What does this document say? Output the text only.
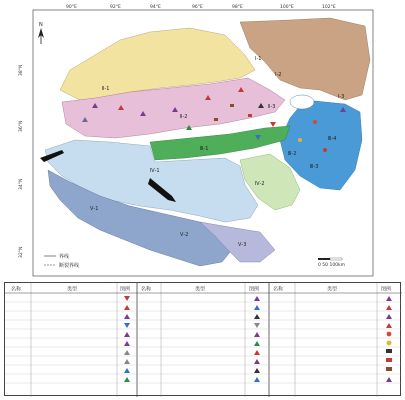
90°E	92°E	94°E	96°E	98°E	100°E	102°E
38°N
36°N
34°N
32°N
N
Ⅰ-1
Ⅰ-2
Ⅰ-3
Ⅱ-1
Ⅱ-2
Ⅱ-3
Ⅲ-1
Ⅲ-2
Ⅲ-3
Ⅲ-4
Ⅳ-1
Ⅳ-2
Ⅴ-1
Ⅴ-2
Ⅴ-3
界线
断裂界线	0 50 100km
名称	类型	图例 名称	类型	图例	名称	类型	图例
